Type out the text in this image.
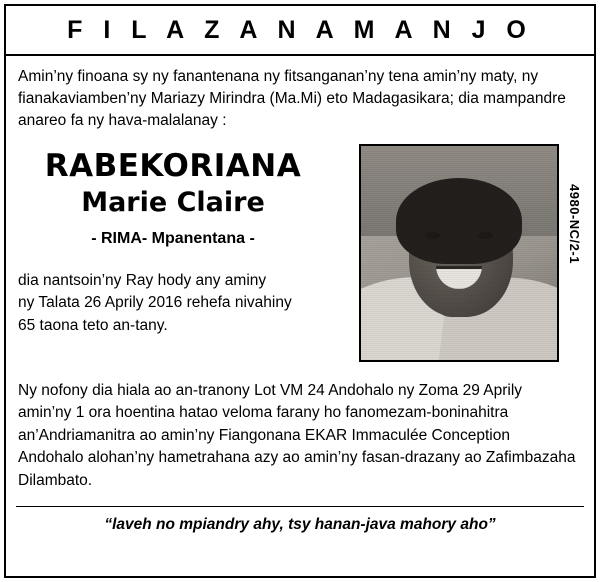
F I L A Z A N A M A N J O
Amin’ny finoana sy ny fanantenana ny fitsanganan’ny tena amin’ny maty, ny
fianakaviamben’ny Mariazy Mirindra (Ma.Mi) eto Madagasikara; dia mampandre
anareo fa ny hava-malalanay :
RABEKORIANA
Marie Claire
- RIMA- Mpanentana -
dia nantsoin’ny Ray hody any aminy
ny Talata 26 Aprily 2016 rehefa nivahiny
65 taona teto an-tany.
4980-NC/2-1
Ny nofony dia hiala ao an-tranony Lot VM 24 Andohalo ny Zoma 29 Aprily
amin’ny 1 ora hoentina hatao veloma farany ho fanomezam-boninahitra
an’Andriamanitra ao amin’ny Fiangonana EKAR Immaculée Conception
Andohalo alohan’ny hametrahana azy ao amin’ny fasan-drazany ao Zafimbazaha
Dilambato.
“laveh no mpiandry ahy, tsy hanan-java mahory aho”
